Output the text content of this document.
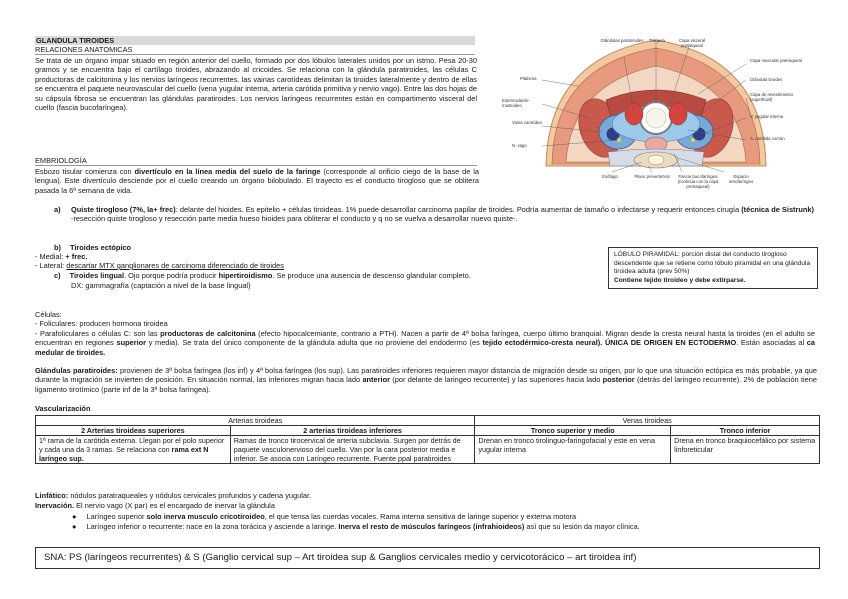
GLANDULA TIROIDES
RELACIONES ANATOMICAS

Se trata de un órgano impar situado en región anterior del cuello, formado por dos lóbulos laterales unidos por un istmo. Pesa 20-30 gramos y se encuentra bajo el cartílago tiroides, abrazando al cricoides. Se relaciona con la glándula paratiroides, las células C productoras de calcitonina y los nervios laríngeos recurrentes. las vainas carotídeas delimitan la tiroides lateralmente y dentro de ellas se encuentra el paquete neurovascular del cuello (vena yugular interna, arteria carótida primitiva y nervio vago). Entre las dos hojas de su cápsula fibrosa se encuentran las glándulas paratiroides. Los nervios laríngeos recurrentes están en compartimento visceral del cuello (fascia bucofaríngea).

Glándulas paratiroides	Tráquea	Capa visceral pretraqueal
Capa muscular pretraqueal
Glándula tiroides
Capa de revestimiento (superficial)
V. yugular interna
A. carótida común
Platisma
Esternocleido-mastoideo
Vaina carotídea
N. vago
Esófago	Plano prevertebral	Fascia bucofaríngea (continúa con la capa pretraqueal)
Espacio retrofaríngeo
EMBRIOLOGÍA

Esbozo tisular comienza con divertículo en la línea media del suelo de la faringe (corresponde al orificio ciego de la base de la lengua). Este divertículo desciende por el cuello creando un órgano bilobulado. El trayecto es el conducto tirogloso que se oblitera pasada la 6ª semana de vida.

a)	Quiste tirogloso (7%, la+ frec): delante del hioides. Es epitelio + células tiroideas. 1% puede desarrollar carcinoma papilar de tiroides. Podría aumentar de tamaño o infectarse y requerir entonces cirugía (técnica de Sistrunk) -resección quiste tirogloso y resección parte media hueso hioides para obliterar el conducto y q no se vuelva a desarrollar nuevo quiste-.

b) Tiroides ectópico
- Medial: + frec.
- Lateral: descartar MTX ganglionares de carcinoma diferenciado de tiroides
c) Tiroides lingual. Ojo porque podría producir hipertiroidismo. Se produce una ausencia de descenso glandular completo.
DX: gammagrafía (captación a nivel de la base lingual)
LÓBULO PIRAMIDAL: porción distal del conducto tirogloso descendente que se retiene como lóbulo piramidal en una glándula tiroidea adulta (prev 50%)
Contiene tejido tiroideo y debe extirparse.
Células:
- Foliculares: producen hormona tiroidea

- Parafoliculares o células C: son las productoras de calcitonina (efecto hipocalcemiante, contrario a PTH). Nacen a partir de 4ª bolsa faríngea, cuerpo último branquial. Migran desde la cresta neural hasta la tiroides (en el adulto se encuentran en regiones superior y media). Se trata del único componente de la glándula adulta que no proviene del endodermo (es tejido ectodérmico-cresta neural). ÚNICA DE ORIGEN EN ECTODERMO. Están asociadas al ca medular de tiroides.

Glándulas paratiroides: provienen de 3ª bolsa faríngea (los inf) y 4ª bolsa faríngea (los sup). Las paratiroides inferiores requieren mayor distancia de migración desde su origen, por lo que una situación ectópica es más probable, ya que durante la migración se invierten de posición. En situación normal, las inferiores migran hacia lado anterior (por delante de laringeo recurrente) y las superiores hacia lado posterior (detrás del laringeo recurrente). 2% de población tiene ligamento tirotímico (parte inf de la 3ª bolsa faríngea).

Vascularización
Arterias tiroideas		Venas tiroideas	
2 Arterias tiroideas superiores	2 arterias tiroideas inferiores	Tronco superior y medio	Tronco inferior
1ª rama de la carótida externa. Llegan por el polo superior y cada una da 3 ramas. Se relaciona con rama ext N laríngeo sup.	Ramas de tronco tirocervical de arteria subclavia. Surgen por detrás de paquete vasculonervioso del cuello. Van por la cara posterior media e inferior. Se asocia con Laríngeo recurrente. Fuente ppal paratiroides	Drenan en tronco tirolinguo-faringofacial y este en vena yugular interna	Drena en tronco braquiocefálico por sistema linforeticular
Linfático: nódulos paratraqueales y nódulos cervicales profundos y cadena yugular.
Inervación. El nervio vago (X par) es el encargado de inervar la glándula
● Laríngeo superior solo inerva musculo cricotiroideo, el que tensa las cuerdas vocales. Rama interna sensitiva de laringe superior y externa motora
● Laríngeo inferior o recurrente: nace en la zona torácica y asciende a laringe. Inerva el resto de músculos faríngeos (infrahioideos) así que su lesión da mayor clínica.
SNA: PS (laríngeos recurrentes) & S (Ganglio cervical sup – Art tiroidea sup & Ganglios cervicales medio y cervicotorácico – art tiroidea inf)
